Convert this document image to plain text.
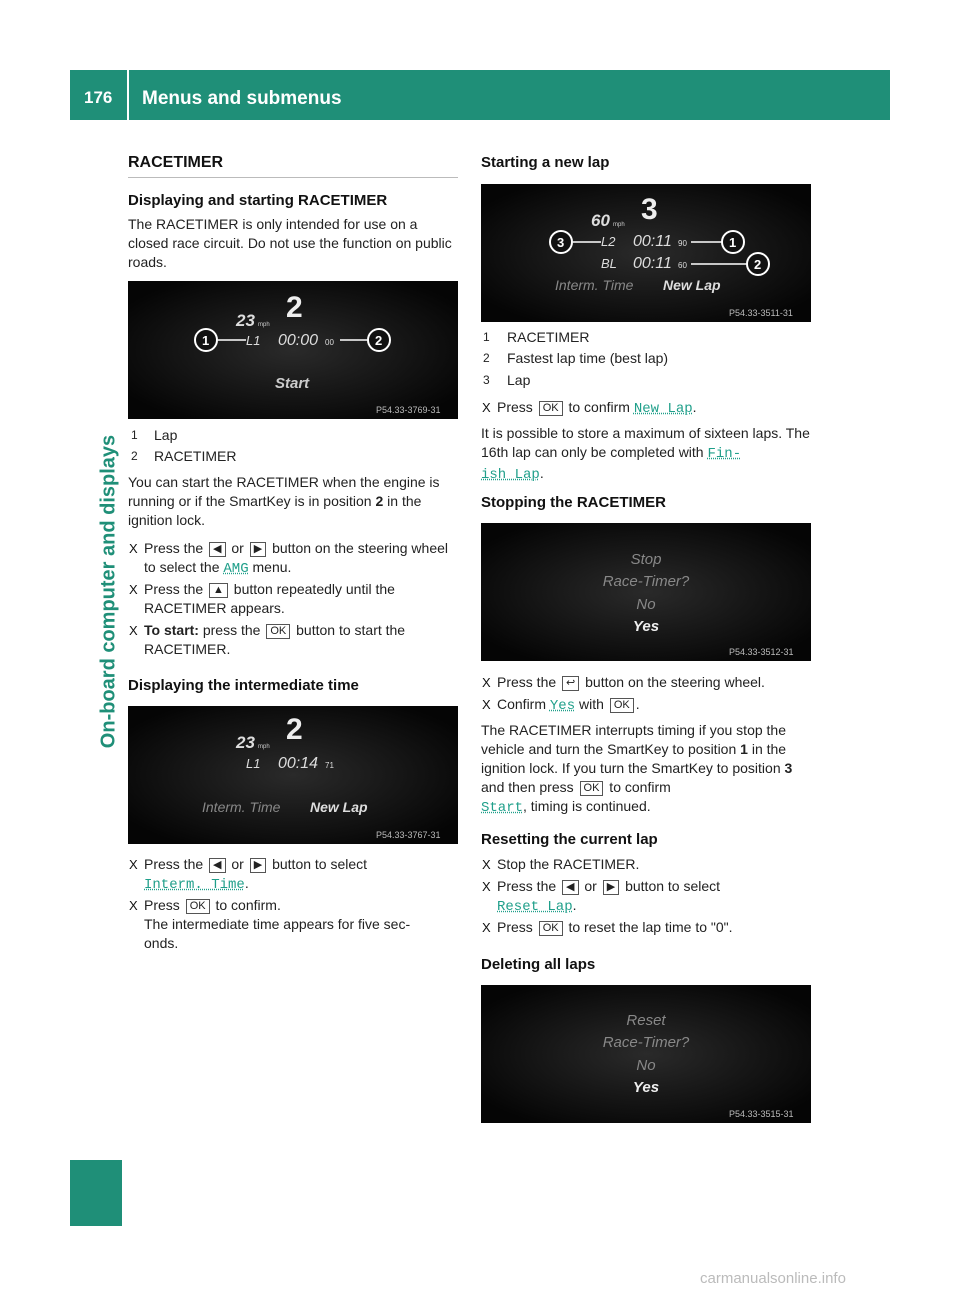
176 Menus and submenus
On-board computer and displays
RACETIMER
Displaying and starting RACETIMER

The RACETIMER is only intended for use on a closed race circuit. Do not use the function on public roads.

23 mph
2
L1 00:00 00
1	2
Start
P54.33-3769-31
1 Lap
2 RACETIMER

You can start the RACETIMER when the engine is running or if the SmartKey is in position 2 in the ignition lock.

X Press the ◀ or ▶ button on the steering wheel to select the AMG menu.

X Press the ▲ button repeatedly until the RACETIMER appears.

X To start: press the OK button to start the RACETIMER.

Displaying the intermediate time
23 mph
2
L1 00:14 71
Interm. Time New Lap
P54.33-3767-31
X Press the ◀ or ▶ button to select
Interm. Time.

X Press OK to confirm.
The intermediate time appears for five sec-
onds.

Starting a new lap
60 mph 3
L2 00:11 90
BL 00:11 60
3	1
2
Interm. Time New Lap
P54.33-3511-31
1 RACETIMER
2 Fastest lap time (best lap)
3 Lap
X Press OK to confirm New Lap.

It is possible to store a maximum of sixteen laps. The 16th lap can only be completed with Fin-
ish Lap.

Stopping the RACETIMER
Stop
Race-Timer?
No
Yes
P54.33-3512-31
X Press the ↩ button on the steering wheel.

X Confirm Yes with OK .

The RACETIMER interrupts timing if you stop the vehicle and turn the SmartKey to position 1 in the ignition lock. If you turn the SmartKey to position 3 and then press OK to confirm
Start, timing is continued.

Resetting the current lap
X Stop the RACETIMER.

X Press the ◀ or ▶ button to select
Reset Lap.

X Press OK to reset the lap time to "0".

Deleting all laps
Reset
Race-Timer?
No
Yes
P54.33-3515-31
carmanualsonline.info
